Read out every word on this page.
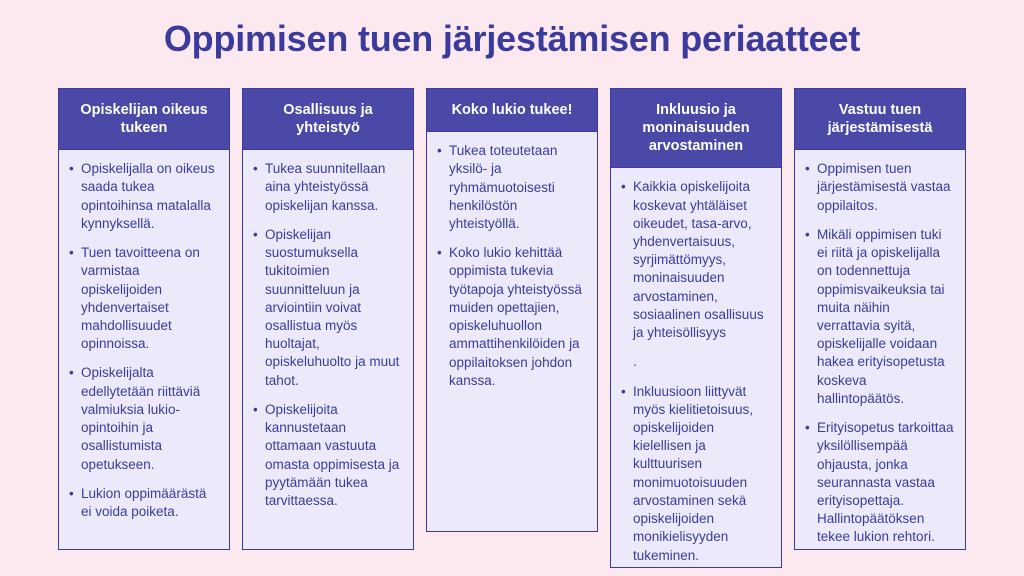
Oppimisen tuen järjestämisen periaatteet
Opiskelijan oikeus tukeen
• Opiskelijalla on oikeus saada tukea opintoihinsa matalalla kynnyksellä.
• Tuen tavoitteena on varmistaa opiskelijoiden yhdenvertaiset mahdollisuudet opinnoissa.
• Opiskelijalta edellytetään riittäviä valmiuksia lukio-opintoihin ja osallistumista opetukseen.
• Lukion oppimäärästä ei voida poiketa.
Osallisuus ja yhteistyö
• Tukea suunnitellaan aina yhteistyössä opiskelijan kanssa.
• Opiskelijan suostumuksella tukitoimien suunnitteluun ja arviointiin voivat osallistua myös huoltajat, opiskeluhuolto ja muut tahot.
• Opiskelijoita kannustetaan ottamaan vastuuta omasta oppimisesta ja pyytämään tukea tarvittaessa.
Koko lukio tukee!
• Tukea toteutetaan yksilö- ja ryhmämuotoisesti henkilöstön yhteistyöllä.
• Koko lukio kehittää oppimista tukevia työtapoja yhteistyössä muiden opettajien, opiskeluhuollon ammattihenkilöiden ja oppilaitoksen johdon kanssa.
Inkluusio ja moninaisuuden arvostaminen
• Kaikkia opiskelijoita koskevat yhtäläiset oikeudet, tasa-arvo, yhdenvertaisuus, syrjimättömyys, moninaisuuden arvostaminen, sosiaalinen osallisuus ja yhteisöllisyys
.
• Inkluusioon liittyvät myös kielitietoisuus, opiskelijoiden kielellisen ja kulttuurisen monimuotoisuuden arvostaminen sekä opiskelijoiden monikielisyyden tukeminen.
Vastuu tuen järjestämisestä
• Oppimisen tuen järjestämisestä vastaa oppilaitos.
• Mikäli oppimisen tuki ei riitä ja opiskelijalla on todennettuja oppimisvaikeuksia tai muita näihin verrattavia syitä, opiskelijalle voidaan hakea erityisopetusta koskeva hallintopäätös.
• Erityisopetus tarkoittaa yksilöllisempää ohjausta, jonka seurannasta vastaa erityisopettaja. Hallintopäätöksen tekee lukion rehtori.
